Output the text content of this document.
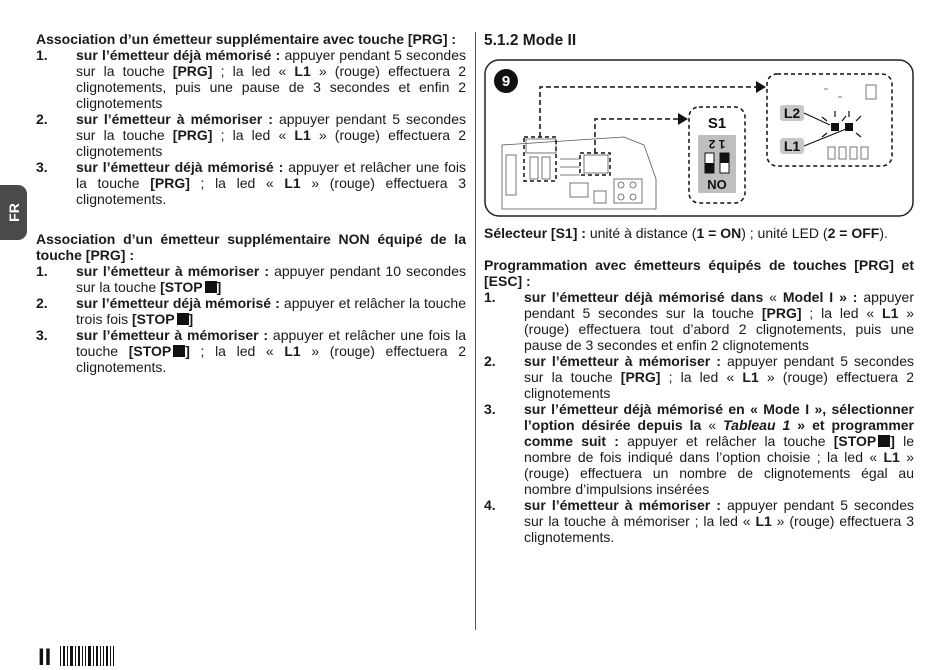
FR

Association d’un émetteur supplémentaire avec touche [PRG] :

1. sur l’émetteur déjà mémorisé : appuyer pendant 5 secondes sur la touche [PRG] ; la led « L1 » (rouge) effectuera 2 clignotements, puis une pause de 3 secondes et enfin 2 clignotements
2. sur l’émetteur à mémoriser : appuyer pendant 5 secondes sur la touche [PRG] ; la led « L1 » (rouge) effectuera 2 clignotements
3. sur l’émetteur déjà mémorisé : appuyer et relâcher une fois la touche [PRG] ; la led « L1 » (rouge) effectuera 3 clignotements.

Association d’un émetteur supplémentaire NON équipé de la touche [PRG] :

1. sur l’émetteur à mémoriser : appuyer pendant 10 secondes sur la touche [STOP ]
2. sur l’émetteur déjà mémorisé : appuyer et relâcher la touche trois fois [STOP ]
3. sur l’émetteur à mémoriser : appuyer et relâcher une fois la touche [STOP ] ; la led « L1 » (rouge) effectuera 2 clignotements.

5.1.2 Mode II

9
S1
1 2
NO
L2
L1

Sélecteur [S1] : unité à distance (1 = ON) ; unité LED (2 = OFF).

Programmation avec émetteurs équipés de touches [PRG] et [ESC] :

1. sur l’émetteur déjà mémorisé dans « Model I » : appuyer pendant 5 secondes sur la touche [PRG] ; la led « L1 » (rouge) effectuera tout d’abord 2 clignotements, puis une pause de 3 secondes et enfin 2 clignotements
2. sur l’émetteur à mémoriser : appuyer pendant 5 secondes sur la touche [PRG] ; la led « L1 » (rouge) effectuera 2 clignotements
3. sur l’émetteur déjà mémorisé en « Mode I », sélectionner l’option désirée depuis la « Tableau 1 » et programmer comme suit : appuyer et relâcher la touche [STOP ] le nombre de fois indiqué dans l’option choisie ; la led « L1 » (rouge) effectuera un nombre de clignotements égal au nombre d’impulsions insérées
4. sur l’émetteur à mémoriser : appuyer pendant 5 secondes sur la touche à mémoriser ; la led « L1 » (rouge) effectuera 3 clignotements.
II
